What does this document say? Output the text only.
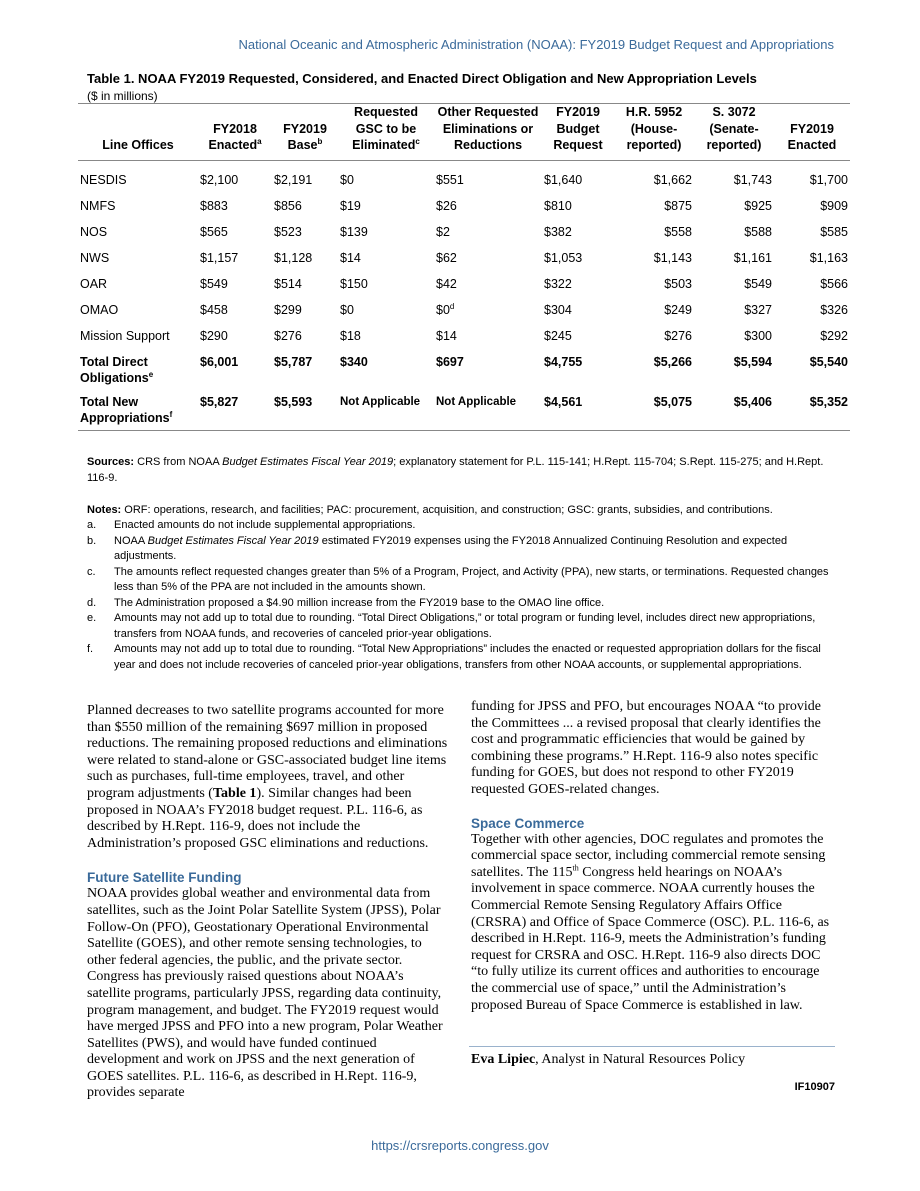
National Oceanic and Atmospheric Administration (NOAA): FY2019 Budget Request and Appropriations
Table 1. NOAA FY2019 Requested, Considered, and Enacted Direct Obligation and New Appropriation Levels
($ in millions)
Line Offices	FY2018 Enacted$^a$	FY2019 Base$^b$	Requested GSC to be Eliminated$^c$	Other Requested Eliminations or Reductions	FY2019 Budget Request	H.R. 5952 (House-reported)	S. 3072 (Senate-reported)	FY2019 Enacted
NESDIS	$2,100	$2,191	$0	$551	$1,640	$1,662	$1,743	$1,700
NMFS	$883	$856	$19	$26	$810	$875	$925	$909
NOS	$565	$523	$139	$2	$382	$558	$588	$585
NWS	$1,157	$1,128	$14	$62	$1,053	$1,143	$1,161	$1,163
OAR	$549	$514	$150	$42	$322	$503	$549	$566
OMAO	$458	$299	$0	$0$^d$	$304	$249	$327	$326
Mission Support	$290	$276	$18	$14	$245	$276	$300	$292
Total Direct Obligations$^e$	$6,001	$5,787	$340	$697	$4,755	$5,266	$5,594	$5,540
Total New Appropriations$^f$	$5,827	$5,593	Not Applicable	Not Applicable	$4,561	$5,075	$5,406	$5,352
Sources: CRS from NOAA Budget Estimates Fiscal Year 2019; explanatory statement for P.L. 115-141; H.Rept. 115-704; S.Rept. 115-275; and H.Rept. 116-9.
Notes: ORF: operations, research, and facilities; PAC: procurement, acquisition, and construction; GSC: grants, subsidies, and contributions.
a. Enacted amounts do not include supplemental appropriations.
b. NOAA Budget Estimates Fiscal Year 2019 estimated FY2019 expenses using the FY2018 Annualized Continuing Resolution and expected adjustments.
c. The amounts reflect requested changes greater than 5% of a Program, Project, and Activity (PPA), new starts, or terminations. Requested changes less than 5% of the PPA are not included in the amounts shown.
d. The Administration proposed a $4.90 million increase from the FY2019 base to the OMAO line office.
e. Amounts may not add up to total due to rounding. “Total Direct Obligations,” or total program or funding level, includes direct new appropriations, transfers from NOAA funds, and recoveries of canceled prior-year obligations.
f. Amounts may not add up to total due to rounding. “Total New Appropriations” includes the enacted or requested appropriation dollars for the fiscal year and does not include recoveries of canceled prior-year obligations, transfers from other NOAA accounts, or supplemental appropriations.

Planned decreases to two satellite programs accounted for more than $550 million of the remaining $697 million in proposed reductions. The remaining proposed reductions and eliminations were related to stand-alone or GSC-associated budget line items such as purchases, full-time employees, travel, and other program adjustments (Table 1). Similar changes had been proposed in NOAA’s FY2018 budget request. P.L. 116-6, as described by H.Rept. 116-9, does not include the Administration’s proposed GSC eliminations and reductions.

Future Satellite Funding

NOAA provides global weather and environmental data from satellites, such as the Joint Polar Satellite System (JPSS), Polar Follow-On (PFO), Geostationary Operational Environmental Satellite (GOES), and other remote sensing technologies, to other federal agencies, the public, and the private sector. Congress has previously raised questions about NOAA’s satellite programs, particularly JPSS, regarding data continuity, program management, and budget. The FY2019 request would have merged JPSS and PFO into a new program, Polar Weather Satellites (PWS), and would have funded continued development and work on JPSS and the next generation of GOES satellites. P.L. 116-6, as described in H.Rept. 116-9, provides separate

funding for JPSS and PFO, but encourages NOAA “to provide the Committees ... a revised proposal that clearly identifies the cost and programmatic efficiencies that would be gained by combining these programs.” H.Rept. 116-9 also notes specific funding for GOES, but does not respond to other FY2019 requested GOES-related changes.

Space Commerce

Together with other agencies, DOC regulates and promotes the commercial space sector, including commercial remote sensing satellites. The 115th Congress held hearings on NOAA’s involvement in space commerce. NOAA currently houses the Commercial Remote Sensing Regulatory Affairs Office (CRSRA) and Office of Space Commerce (OSC). P.L. 116-6, as described in H.Rept. 116-9, meets the Administration’s funding request for CRSRA and OSC. H.Rept. 116-9 also directs DOC “to fully utilize its current offices and authorities to encourage the commercial use of space,” until the Administration’s proposed Bureau of Space Commerce is established in law.

Eva Lipiec, Analyst in Natural Resources Policy
IF10907
https://crsreports.congress.gov
